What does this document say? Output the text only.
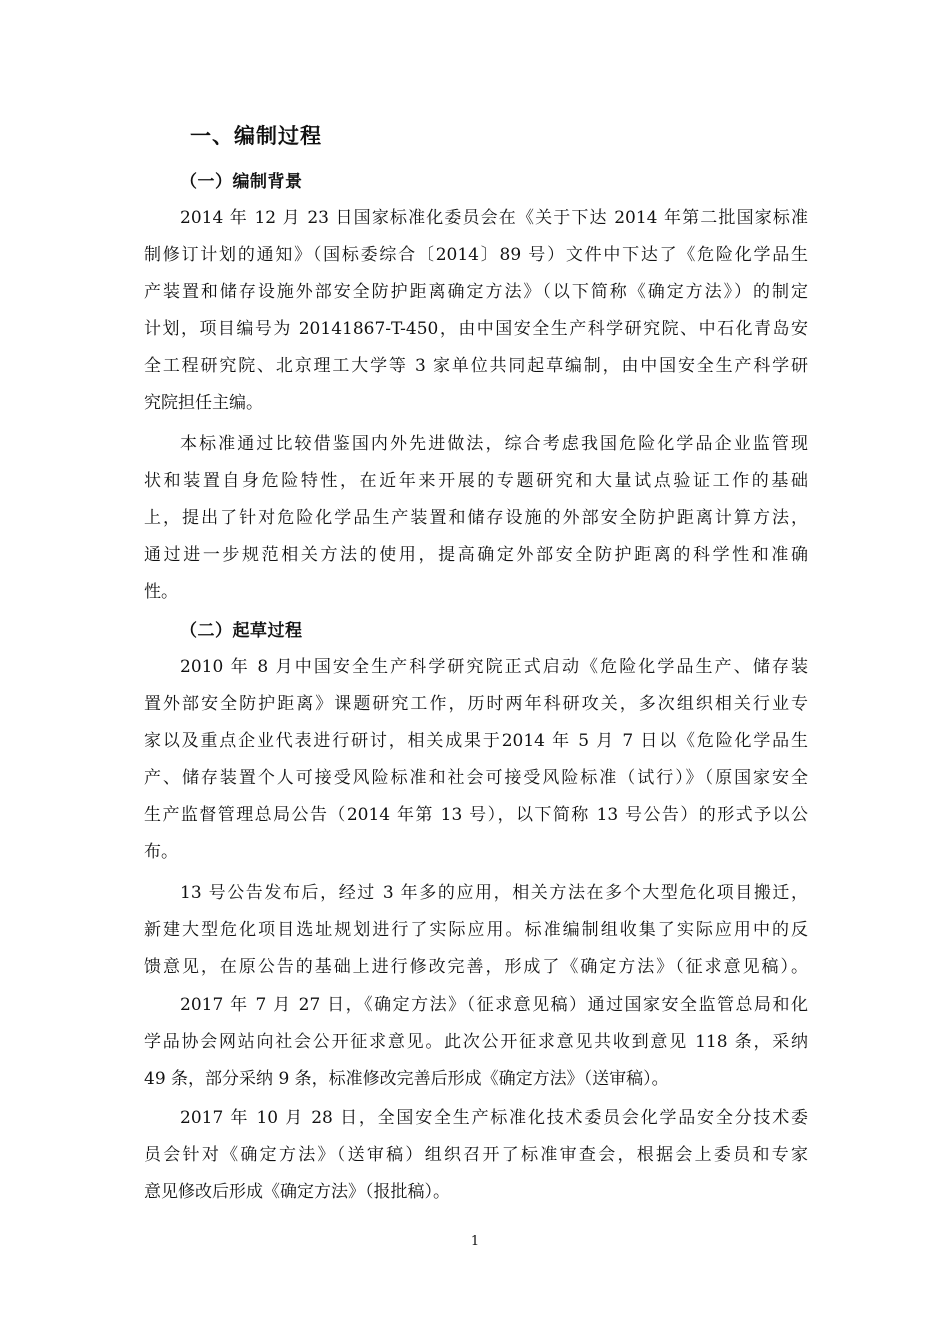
一、编制过程
（一）编制背景

2014 年 12 月 23 日国家标准化委员会在《关于下达 2014 年第二批国家标准
制修订计划的通知》（国标委综合〔2014〕89 号）文件中下达了《危险化学品生
产装置和储存设施外部安全防护距离确定方法》（以下简称《确定方法》）的制定
计划，项目编号为 20141867-T-450，由中国安全生产科学研究院、中石化青岛安
全工程研究院、北京理工大学等 3 家单位共同起草编制，由中国安全生产科学研
究院担任主编。

本标准通过比较借鉴国内外先进做法，综合考虑我国危险化学品企业监管现
状和装置自身危险特性，在近年来开展的专题研究和大量试点验证工作的基础
上，提出了针对危险化学品生产装置和储存设施的外部安全防护距离计算方法，
通过进一步规范相关方法的使用，提高确定外部安全防护距离的科学性和准确
性。

（二）起草过程

2010 年 8 月中国安全生产科学研究院正式启动《危险化学品生产、储存装
置外部安全防护距离》课题研究工作，历时两年科研攻关，多次组织相关行业专
家以及重点企业代表进行研讨，相关成果于2014 年 5 月 7 日以《危险化学品生
产、储存装置个人可接受风险标准和社会可接受风险标准（试行）》（原国家安全
生产监督管理总局公告（2014 年第 13 号），以下简称 13 号公告）的形式予以公
布。

13 号公告发布后，经过 3 年多的应用，相关方法在多个大型危化项目搬迁，
新建大型危化项目选址规划进行了实际应用。标准编制组收集了实际应用中的反
馈意见，在原公告的基础上进行修改完善，形成了《确定方法》（征求意见稿）。

2017 年 7 月 27 日，《确定方法》（征求意见稿）通过国家安全监管总局和化
学品协会网站向社会公开征求意见。此次公开征求意见共收到意见 118 条，采纳
49 条，部分采纳 9 条，标准修改完善后形成《确定方法》（送审稿）。

2017 年 10 月 28 日，全国安全生产标准化技术委员会化学品安全分技术委
员会针对《确定方法》（送审稿）组织召开了标准审查会，根据会上委员和专家
意见修改后形成《确定方法》（报批稿）。

1
